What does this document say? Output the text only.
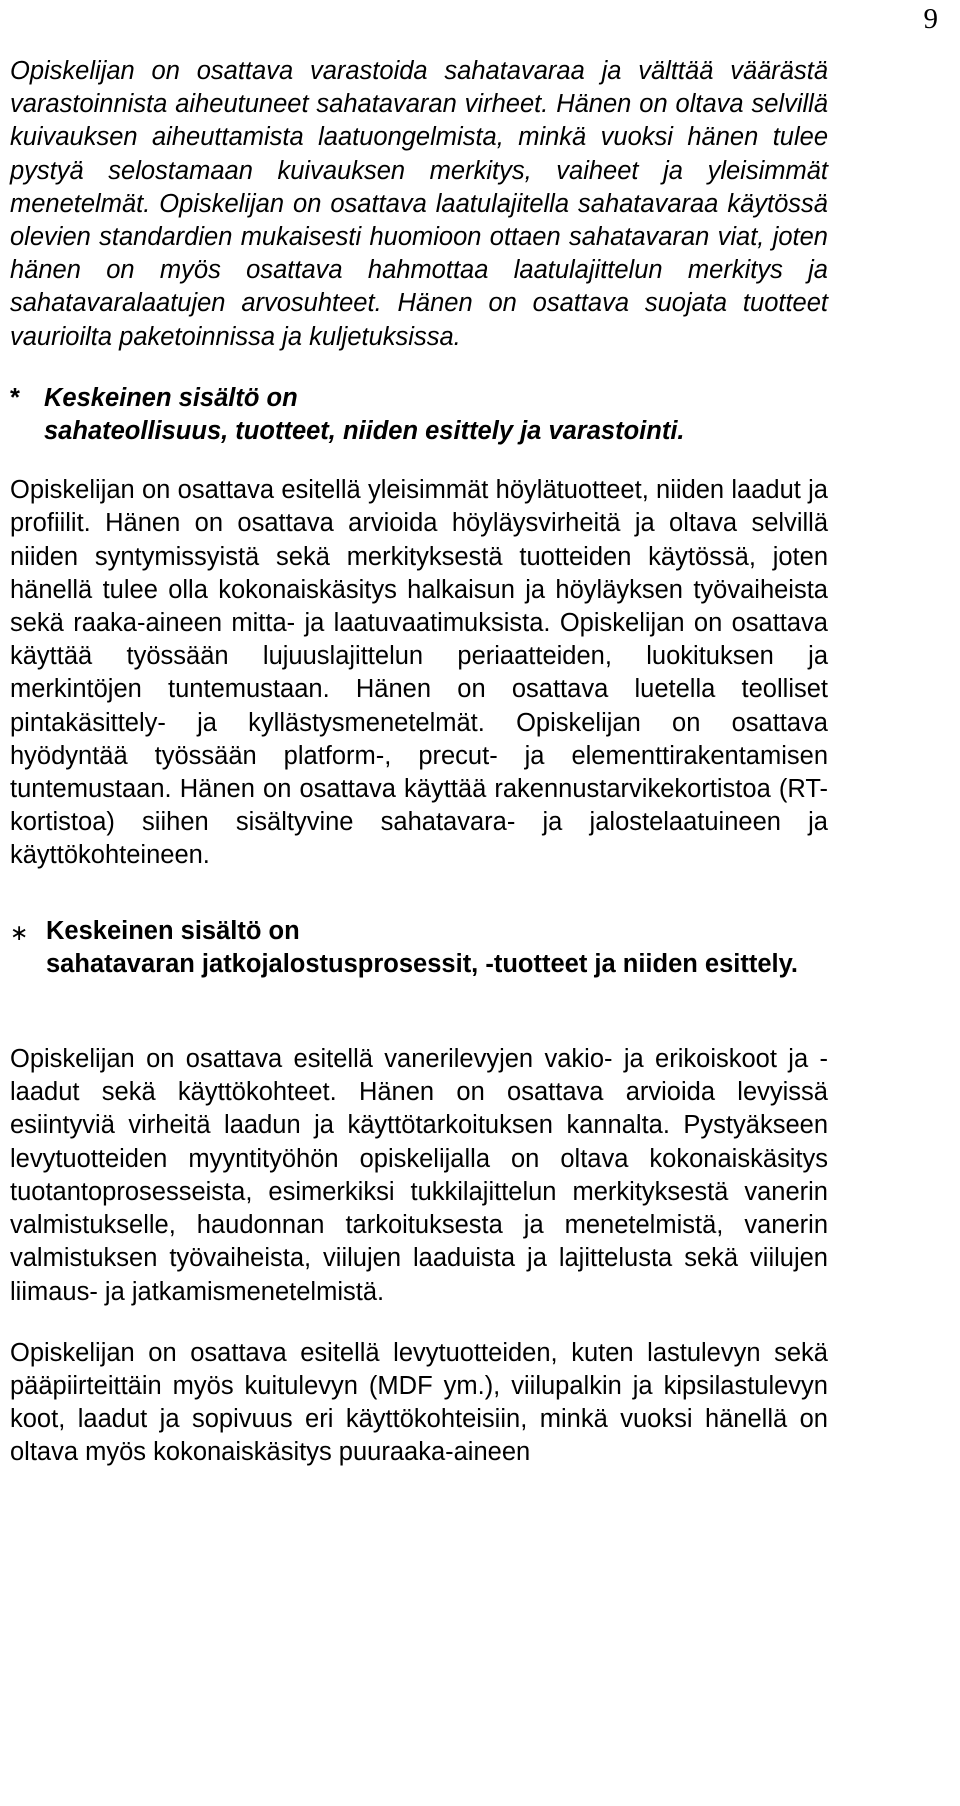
9

Opiskelijan on osattava varastoida sahatavaraa ja välttää väärästä varastoinnista aiheutuneet sahatavaran virheet. Hänen on oltava selvillä kuivauksen aiheuttamista laatuongelmista, minkä vuoksi hänen tulee pystyä selostamaan kuivauksen merkitys, vaiheet ja yleisimmät menetelmät. Opiskelijan on osattava laatulajitella sahatavaraa käytössä olevien standardien mukaisesti huomioon ottaen sahatavaran viat, joten hänen on myös osattava hahmottaa laatulajittelun merkitys ja sahatavaralaatujen arvosuhteet. Hänen on osattava suojata tuotteet vaurioilta paketoinnissa ja kuljetuksissa.

* Keskeinen sisältö on
sahateollisuus, tuotteet, niiden esittely ja varastointi.

Opiskelijan on osattava esitellä yleisimmät höylätuotteet, niiden laadut ja profiilit. Hänen on osattava arvioida höyläysvirheitä ja oltava selvillä niiden syntymissyistä sekä merkityksestä tuotteiden käytössä, joten hänellä tulee olla kokonaiskäsitys halkaisun ja höyläyksen työvaiheista sekä raaka-aineen mitta- ja laatuvaatimuksista. Opiskelijan on osattava käyttää työssään lujuuslajittelun periaatteiden, luokituksen ja merkintöjen tuntemustaan. Hänen on osattava luetella teolliset pintakäsittely- ja kyllästysmenetelmät. Opiskelijan on osattava hyödyntää työssään platform-, precut- ja elementtirakentamisen tuntemustaan. Hänen on osattava käyttää rakennustarvikekortistoa (RT-kortistoa) siihen sisältyvine sahatavara- ja jalostelaatuineen ja käyttökohteineen.

∗ Keskeinen sisältö on
sahatavaran jatkojalostusprosessit, -tuotteet ja niiden esittely.

Opiskelijan on osattava esitellä vanerilevyjen vakio- ja erikoiskoot ja -laadut sekä käyttökohteet. Hänen on osattava arvioida levyissä esiintyviä virheitä laadun ja käyttötarkoituksen kannalta. Pystyäkseen levytuotteiden myyntityöhön opiskelijalla on oltava kokonaiskäsitys tuotantoprosesseista, esimerkiksi tukkilajittelun merkityksestä vanerin valmistukselle, haudonnan tarkoituksesta ja menetelmistä, vanerin valmistuksen työvaiheista, viilujen laaduista ja lajittelusta sekä viilujen liimaus- ja jatkamismenetelmistä.

Opiskelijan on osattava esitellä levytuotteiden, kuten lastulevyn sekä pääpiirteittäin myös kuitulevyn (MDF ym.), viilupalkin ja kipsilastulevyn koot, laadut ja sopivuus eri käyttökohteisiin, minkä vuoksi hänellä on oltava myös kokonaiskäsitys puuraaka-aineen
